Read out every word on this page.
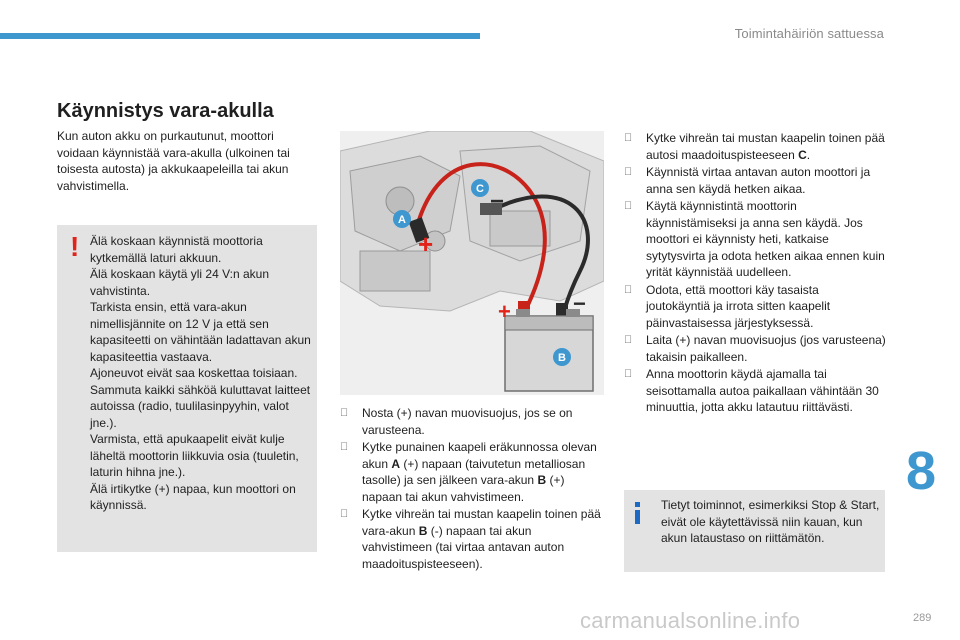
Toimintahäiriön sattuessa
Käynnistys vara-akulla
Kun auton akku on purkautunut, moottori voidaan käynnistää vara-akulla (ulkoinen tai toisesta autosta) ja akkukaapeleilla tai akun vahvistimella.
! Älä koskaan käynnistä moottoria kytkemällä laturi akkuun.
Älä koskaan käytä yli 24 V:n akun vahvistinta.
Tarkista ensin, että vara-akun nimellisjännite on 12 V ja että sen kapasiteetti on vähintään ladattavan akun kapasiteettia vastaava.
Ajoneuvot eivät saa koskettaa toisiaan.
Sammuta kaikki sähköä kuluttavat laitteet autoissa (radio, tuulilasinpyyhin, valot jne.).
Varmista, että apukaapelit eivät kulje läheltä moottorin liikkuvia osia (tuuletin, laturin hihna jne.).
Älä irtikytke (+) napaa, kun moottori on käynnissä.
+
−
+	−
A
C
B
Nosta (+) navan muovisuojus, jos se on varusteena.
Kytke punainen kaapeli eräkunnossa olevan akun A (+) napaan (taivutetun metalliosan tasolle) ja sen jälkeen vara-akun B (+) napaan tai akun vahvistimeen.
Kytke vihreän tai mustan kaapelin toinen pää vara-akun B (-) napaan tai akun vahvistimeen (tai virtaa antavan auton maadoituspisteeseen).
Kytke vihreän tai mustan kaapelin toinen pää autosi maadoituspisteeseen C.
Käynnistä virtaa antavan auton moottori ja anna sen käydä hetken aikaa.
Käytä käynnistintä moottorin käynnistämiseksi ja anna sen käydä. Jos moottori ei käynnisty heti, katkaise sytytysvirta ja odota hetken aikaa ennen kuin yrität käynnistää uudelleen.
Odota, että moottori käy tasaista joutokäyntiä ja irrota sitten kaapelit päinvastaisessa järjestyksessä.
Laita (+) navan muovisuojus (jos varusteena) takaisin paikalleen.
Anna moottorin käydä ajamalla tai seisottamalla autoa paikallaan vähintään 30 minuuttia, jotta akku latautuu riittävästi.
Tietyt toiminnot, esimerkiksi Stop & Start, eivät ole käytettävissä niin kauan, kun akun lataustaso on riittämätön.
8
289
carmanualsonline.info
